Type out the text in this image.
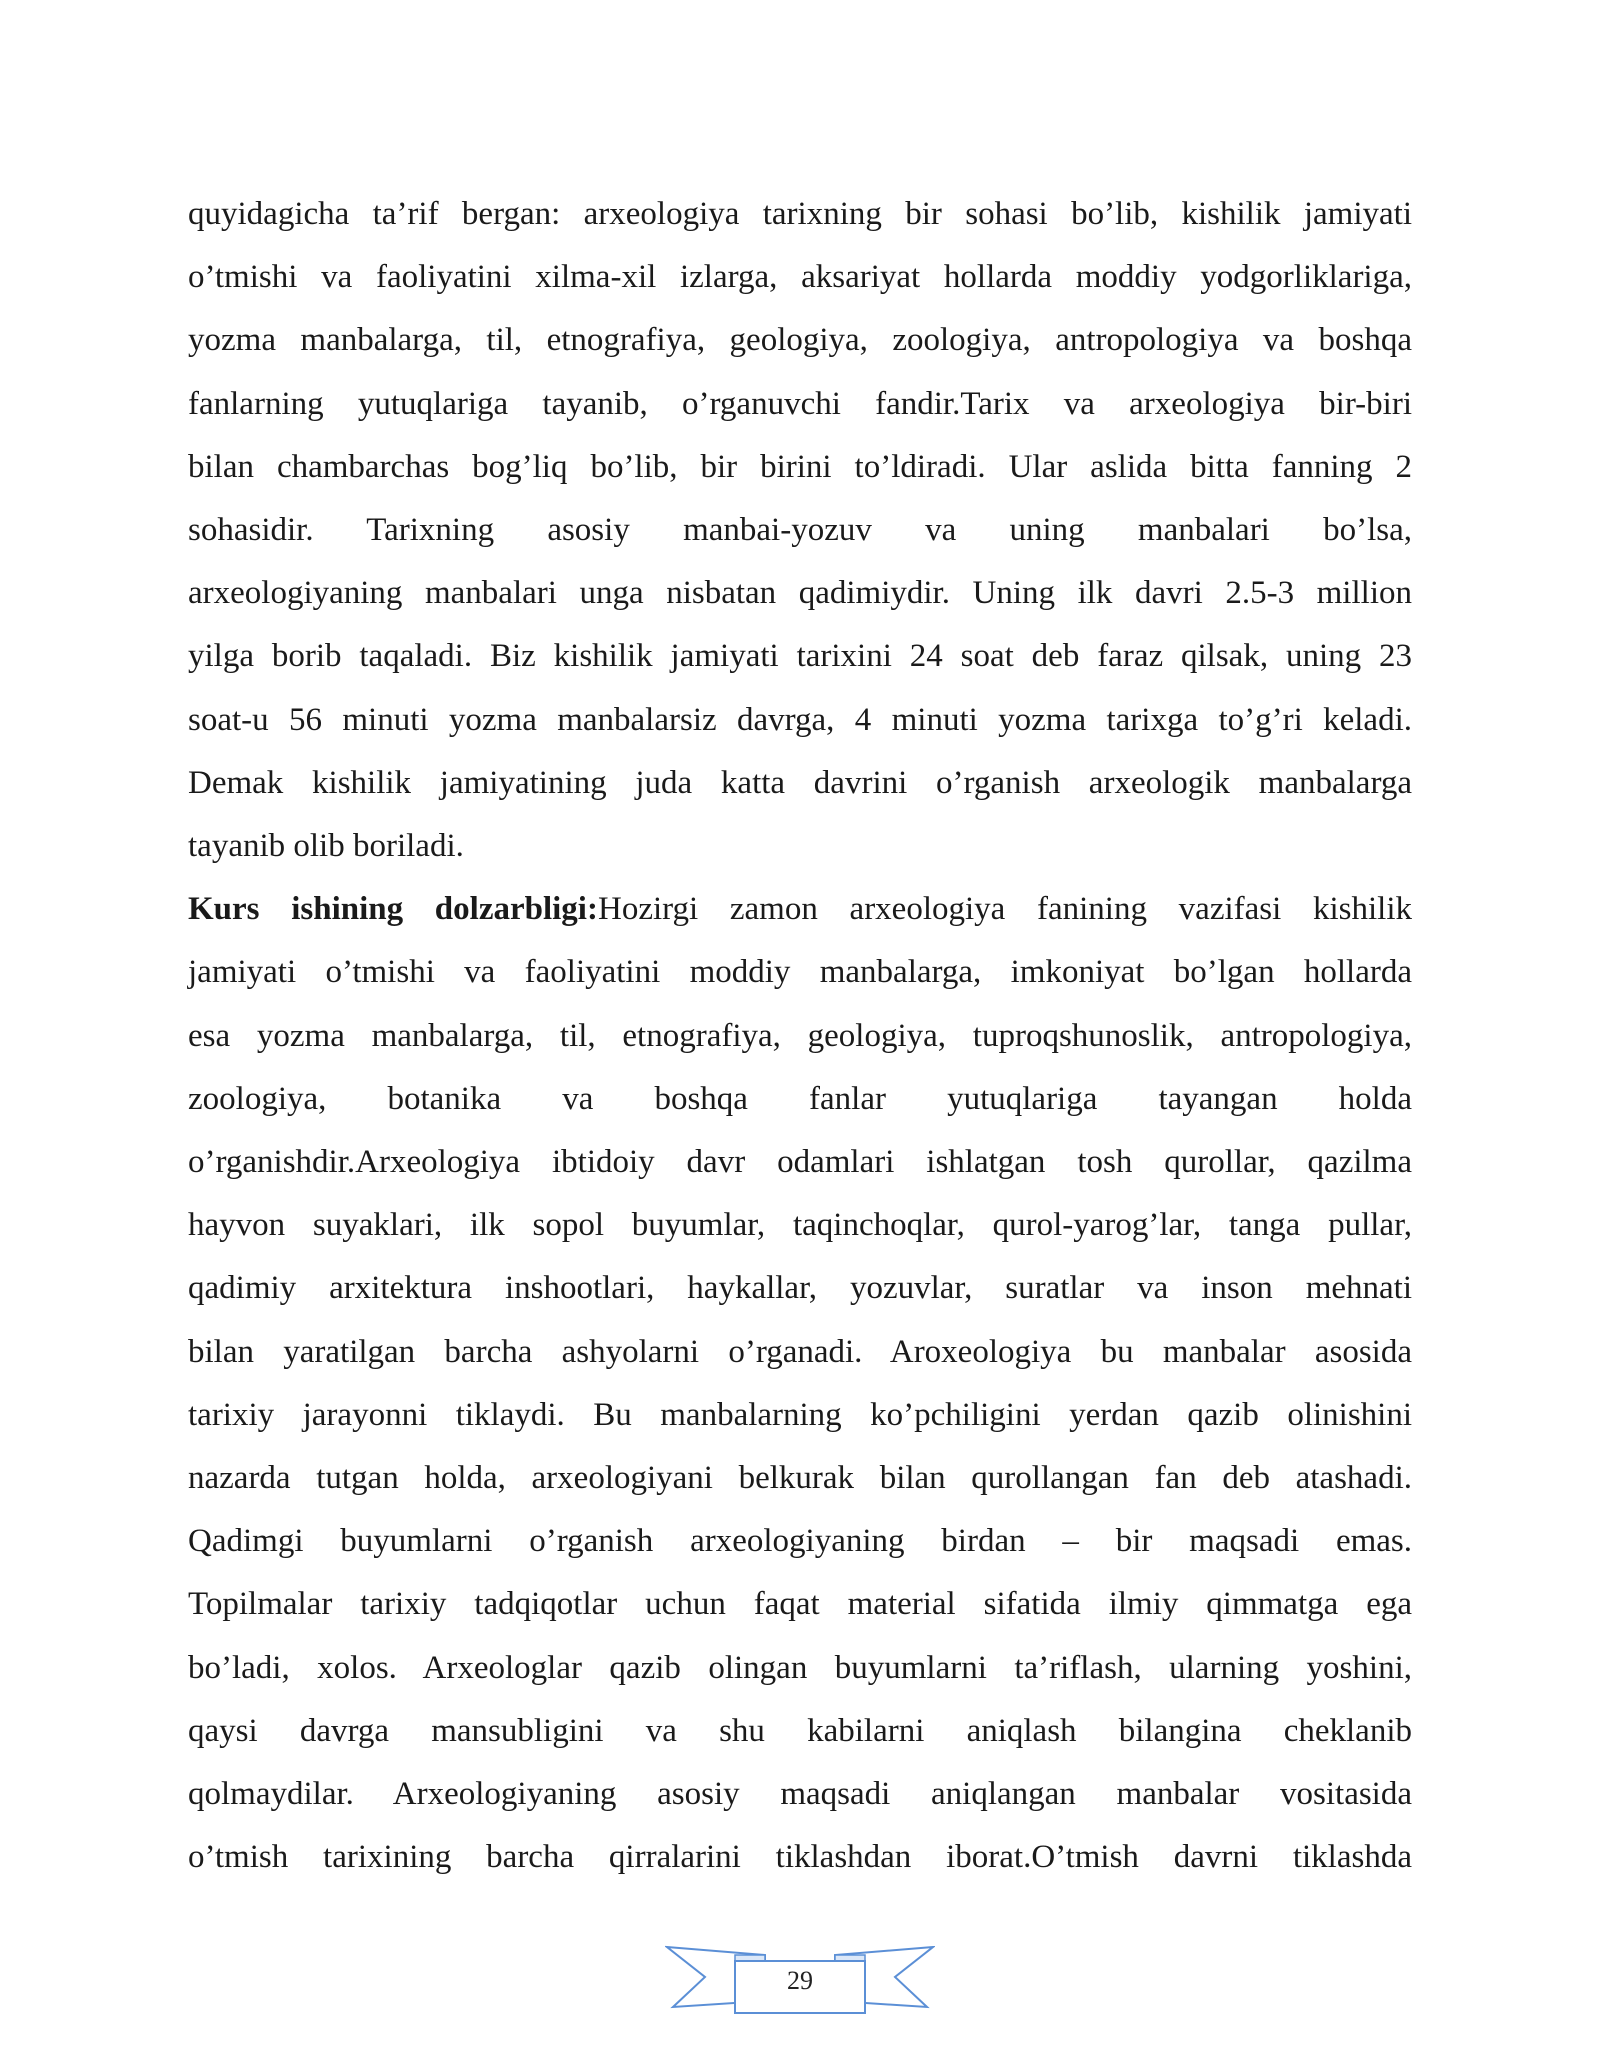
quyidagicha ta’rif bergan: arxeologiya tarixning bir sohasi bo’lib, kishilik jamiyati

o’tmishi va faoliyatini xilma-xil izlarga, aksariyat hollarda moddiy yodgorliklariga,

yozma manbalarga, til, etnografiya, geologiya, zoologiya, antropologiya va boshqa

fanlarning yutuqlariga tayanib, o’rganuvchi fandir.Tarix va arxeologiya bir-biri

bilan chambarchas bog’liq bo’lib, bir birini to’ldiradi. Ular aslida bitta fanning 2

sohasidir. Tarixning asosiy manbai-yozuv va uning manbalari bo’lsa,

arxeologiyaning manbalari unga nisbatan qadimiydir. Uning ilk davri 2.5-3 million

yilga borib taqaladi. Biz kishilik jamiyati tarixini 24 soat deb faraz qilsak, uning 23

soat-u 56 minuti yozma manbalarsiz davrga, 4 minuti yozma tarixga to’g’ri keladi.

Demak kishilik jamiyatining juda katta davrini o’rganish arxeologik manbalarga

tayanib olib boriladi.

Kurs ishining dolzarbligi:Hozirgi zamon arxeologiya fanining vazifasi kishilik

jamiyati o’tmishi va faoliyatini moddiy manbalarga, imkoniyat bo’lgan hollarda

esa yozma manbalarga, til, etnografiya, geologiya, tuproqshunoslik, antropologiya,

zoologiya, botanika va boshqa fanlar yutuqlariga tayangan holda

o’rganishdir.Arxeologiya ibtidoiy davr odamlari ishlatgan tosh qurollar, qazilma

hayvon suyaklari, ilk sopol buyumlar, taqinchoqlar, qurol-yarog’lar, tanga pullar,

qadimiy arxitektura inshootlari, haykallar, yozuvlar, suratlar va inson mehnati

bilan yaratilgan barcha ashyolarni o’rganadi. Aroxeologiya bu manbalar asosida

tarixiy jarayonni tiklaydi. Bu manbalarning ko’pchiligini yerdan qazib olinishini

nazarda tutgan holda, arxeologiyani belkurak bilan qurollangan fan deb atashadi.

Qadimgi buyumlarni o’rganish arxeologiyaning birdan – bir maqsadi emas.

Topilmalar tarixiy tadqiqotlar uchun faqat material sifatida ilmiy qimmatga ega

bo’ladi, xolos. Arxeologlar qazib olingan buyumlarni ta’riflash, ularning yoshini,

qaysi davrga mansubligini va shu kabilarni aniqlash bilangina cheklanib

qolmaydilar. Arxeologiyaning asosiy maqsadi aniqlangan manbalar vositasida

o’tmish tarixining barcha qirralarini tiklashdan iborat.O’tmish davrni tiklashda

29
